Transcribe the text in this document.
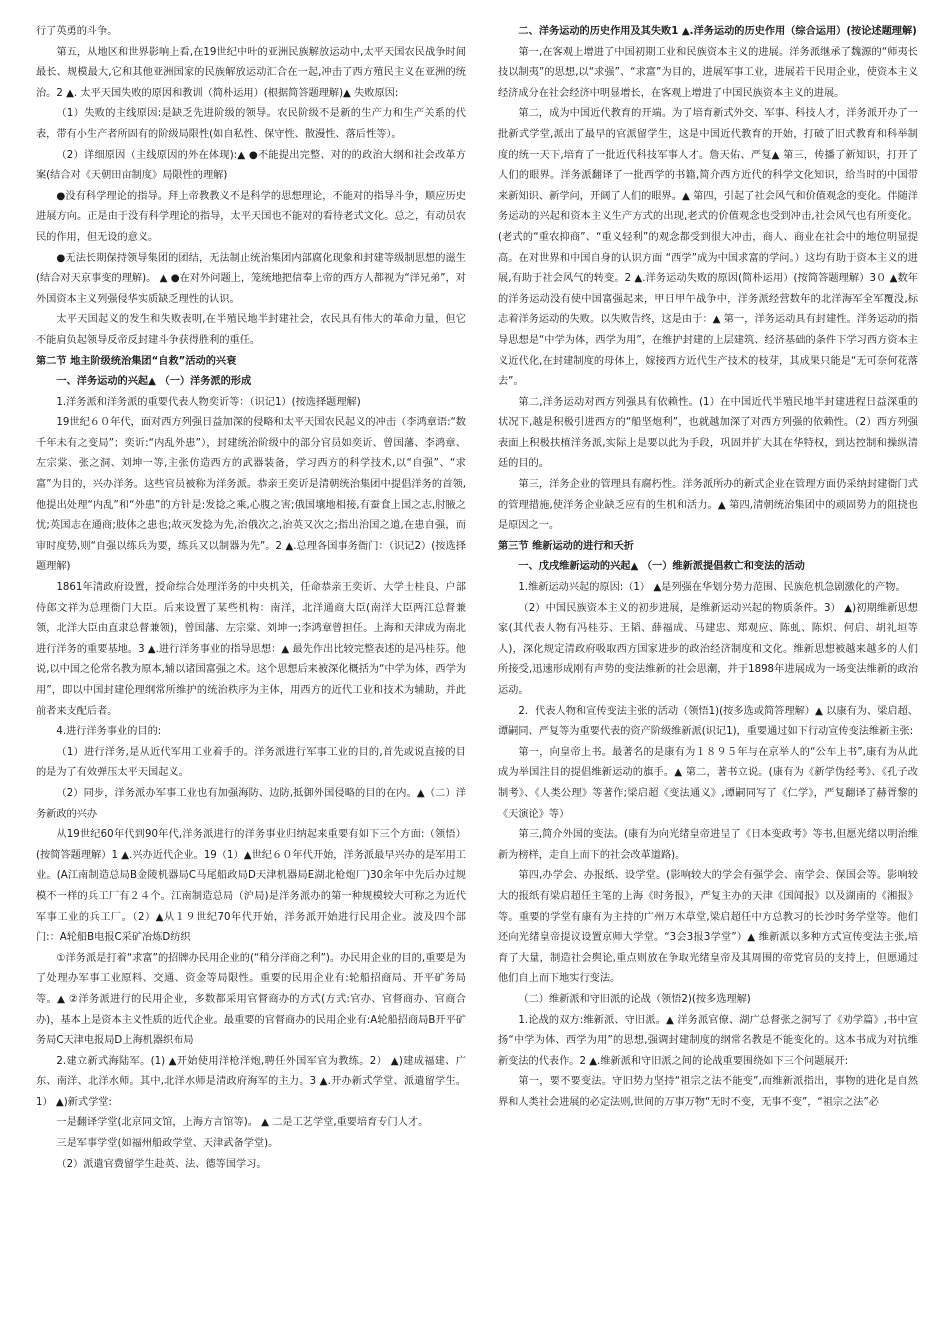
行了英勇的斗争。

第五，从地区和世界影响上看,在19世纪中叶的亚洲民族解放运动中,太平天国农民战争时间最长、规模最大,它和其他亚洲国家的民族解放运动汇合在一起,冲击了西方殖民主义在亚洲的统治。2 ▲. 太平天国失败的原因和教训（简朴运用）(根据简答题理解)▲ 失败原因:

（1）失败的主线原因:是缺乏先进阶级的领导。农民阶级不是新的生产力和生产关系的代表，带有小生产者所固有的阶级局限性(如自私性、保守性、散漫性、落后性等）。

（2）详细原因（主线原因的外在体现):▲ ●不能提出完整、对的的政治大纲和社会改革方案(结合对《天朝田亩制度》局限性的理解)

●没有科学理论的指导。拜上帝教教义不是科学的思想理论，不能对的指导斗争，顺应历史进展方向。正是由于没有科学理论的指导，太平天国也不能对的看待老式文化。总之，有动员农民的作用，但无设的意义。

●无法长期保持领导集团的团结，无法制止统治集团内部腐化现象和封建等级制思想的滋生(结合对天京事变的理解)。 ▲ ●在对外问题上，笼统地把信奉上帝的西方人都视为“洋兄弟”，对外国资本主义列强侵华实质缺乏理性的认识。

太平天国起义的发生和失败表明,在半殖民地半封建社会，农民具有伟大的革命力量，但它不能肩负起领导反帝反封建斗争获得胜利的重任。

第二节 地主阶级统治集团“自救”活动的兴衰

一、洋务运动的兴起▲ （一）洋务派的形成

1.洋务派和洋务派的重要代表人物奕䜣等：（识记1）(按选择题理解)

19世纪６０年代，面对西方列强日益加深的侵略和太平天国农民起义的冲击（李鸿章语:“数千年未有之变局”；奕䜣:“内乱外患”），封建统治阶级中的部分官员如奕䜣、曾国藩、李鸿章、左宗棠、张之洞、刘坤一等,主张仿造西方的武器装备，学习西方的科学技术,以“自强”、“求富”为目的，兴办洋务。这些官员被称为洋务派。恭亲王奕䜣是清朝统治集团中提倡洋务的首领,他提出处理“内乱”和“外患”的方针是:发捻之乘,心腹之害;俄国壤地相接,有蚕食上国之志,肘腋之忧;英国志在通商;肢体之患也;故灭发捻为先,治俄次之,治英又次之;指出治国之道,在患自强，而审时度势,则“自强以练兵为要，练兵又以制器为先”。2 ▲.总理各国事务衙门：（识记2）(按选择题理解)

1861年清政府设置，授命综合处理洋务的中央机关，任命恭亲王奕䜣、大学士桂良、户部侍郎文祥为总理衙门大臣。后来设置了某些机构：南洋，北洋通商大臣(南洋大臣两江总督兼领，北洋大臣由直隶总督兼领)，曾国藩、左宗棠、刘坤一;李鸿章曾担任。上海和天津成为南北进行洋务的重要基地。3 ▲.进行洋务事业的指导思想：▲ 最先作出比较完整表述的是冯桂芬。他说,以中国之伦常名教为原本,辅以诸国富强之术。这个思想后来被深化概括为“中学为体，西学为用”，即以中国封建伦理纲常所维护的统治秩序为主体，用西方的近代工业和技术为辅助，并此前者来支配后者。

4.进行洋务事业的目的:

（1）进行洋务,是从近代军用工业着手的。洋务派进行军事工业的目的,首先或说直接的目的是为了有效弹压太平天国起义。

（2）同步，洋务派办军事工业也有加强海防、边防,抵御外国侵略的目的在内。▲（二）洋务新政的兴办

从19世纪60年代到90年代,洋务派进行的洋务事业归纳起来重要有如下三个方面:（领悟）(按简答题理解）1 ▲.兴办近代企业。19（1）▲世纪６０年代开始，洋务派最早兴办的是军用工业。(A江南制造总局B金陵机器局C马尾船政局D天津机器局E湖北枪炮厂)30余年中先后办过规模不一样的兵工厂有２４个。江南制造总局（沪局)是洋务派办的第一种规模较大可称之为近代军事工业的兵工厂。（2）▲从１９世纪70年代开始，洋务派开始进行民用企业。波及四个部门:：A轮船B电报C采矿冶炼D纺织

①洋务派是打着“求富”的招牌办民用企业的(“稍分洋商之利”)。办民用企业的目的,重要是为了处理办军事工业原料、交通、资金等局限性。重要的民用企业有:轮船招商局、开平矿务局等。▲ ②洋务派进行的民用企业，多数都采用官督商办的方式(方式:官办、官督商办、官商合办)，基本上是资本主义性质的近代企业。最重要的官督商办的民用企业有:A轮船招商局B开平矿务局C天津电报局D上海机器织布局

2.建立新式海陆军。(1) ▲开始使用洋枪洋炮,聘任外国军官为教练。2） ▲)建成福建、广东、南洋、北洋水师。其中,北洋水师是清政府海军的主力。3 ▲.开办新式学堂、派遣留学生。1） ▲)新式学堂:

一是翻译学堂(北京同文馆，上海方言馆等)。 ▲ 二是工艺学堂,重要培育专门人才。

三是军事学堂(如福州船政学堂、天津武备学堂)。

（2）派遣官费留学生赴英、法、德等国学习。

二、洋务运动的历史作用及其失败1 ▲.洋务运动的历史作用（综合运用）(按论述题理解)

第一,在客观上增进了中国初期工业和民族资本主义的进展。洋务派继承了魏源的“师夷长技以制夷”的思想,以“求强”、“求富”为目的，进展军事工业，进展若干民用企业，使资本主义经济成分在社会经济中明显增长，在客观上增进了中国民族资本主义的进展。

第二，成为中国近代教育的开端。为了培育新式外交、军事、科技人才，洋务派开办了一批新式学堂,派出了最早的官派留学生，这是中国近代教育的开始，打破了旧式教育和科举制度的统一天下,培育了一批近代科技军事人才。詹天佑、严复▲ 第三，传播了新知识，打开了人们的眼界。洋务派翻译了一批西学的书籍,简介西方近代的科学文化知识，给当时的中国带来新知识、新学问，开阔了人们的眼界。▲ 第四，引起了社会风气和价值观念的变化。伴随洋务运动的兴起和资本主义生产方式的出现,老式的价值观念也受到冲击,社会风气也有所变化。(老式的“重农抑商”、“重义轻利”的观念都受到很大冲击，商人、商业在社会中的地位明显提高。在对世界和中国自身的认识方面 “西学”成为中国求富的学问。）这均有助于资本主义的进展,有助于社会风气的转变。2 ▲.洋务运动失败的原因(简朴运用）(按简答题理解）3０ ▲数年的洋务运动没有使中国富强起来，甲日甲午战争中，洋务派经营数年的北洋海军全军覆没,标志着洋务运动的失败。以失败告终，这是由于：▲ 第一，洋务运动具有封建性。洋务运动的指导思想是“中学为体，西学为用”，在维护封建的上层建筑、经济基础的条件下学习西方资本主义近代化,在封建制度的母体上，嫁接西方近代生产技术的枝芽，其成果只能是“无可奈何花落去”。

第二,洋务运动对西方列强具有依赖性。(1）在中国近代半殖民地半封建进程日益深重的状况下,越是积极引进西方的“船坚炮利”，也就越加深了对西方列强的依赖性。（2）西方列强表面上积极扶植洋务派,实际上是要以此为手段，巩固并扩大其在华特权，到达控制和操纵清廷的目的。

第三，洋务企业的管理具有腐朽性。洋务派所办的新式企业在管理方面仍采纳封建衙门式的管理措施,使洋务企业缺乏应有的生机和活力。▲ 第四,清朝统治集团中的顽固势力的阻挠也是原因之一。

第三节 维新运动的进行和夭折

一、戊戌维新运动的兴起▲ （一）维新派提倡救亡和变法的活动

1.维新运动兴起的原因:（1） ▲是列强在华划分势力范围、民族危机急剧激化的产物。

（2）中国民族资本主义的初步进展，是维新运动兴起的物质条件。3） ▲)初期维新思想家(其代表人物有冯桂芬、王韬、薛福成、马建忠、郑观应、陈虬、陈炽、何启、胡礼垣等人)，深化规定清政府吸取西方国家进步的政治经济制度和文化。维新思想被越来越多的人们所接受,迅速形成刚有声势的变法维新的社会思潮，并于1898年进展成为一场变法维新的政治运动。

2．代表人物和宣传变法主张的活动（领悟1)(按多选或简答理解）▲ 以康有为、梁启超、谭嗣同、严复等为重要代表的资产阶级维新派(识记1)，重要通过如下行动宣传变法维新主张:

第一，向皇帝上书。最著名的是康有为１８９５年与在京举人的“公车上书”,康有为从此成为举国注目的提倡维新运动的旗手。▲ 第二，著书立说。(康有为《新学伪经考》、《孔子改制考》、《人类公理》等著作;梁启超《变法通义》,谭嗣同写了《仁学》，严复翻译了赫胥黎的《天演论》等）

第三,简介外国的变法。(康有为向光绪皇帝进呈了《日本变政考》等书,但愿光绪以明治维新为榜样，走自上而下的社会改革道路)。

第四,办学会、办报纸、设学堂。(影响较大的学会有强学会、南学会、保国会等。影响较大的报纸有梁启超任主笔的上海《时务报》，严复主办的天津《国闻报》以及湖南的《湘报》等。重要的学堂有康有为主持的广州万木草堂,梁启超任中方总教习的长沙时务学堂等。他们还向光绪皇帝提议设置京师大学堂。“3会3报3学堂”）▲ 维新派以多种方式宣传变法主张,培育了大量，制造社会舆论,重点则放在争取光绪皇帝及其周围的帝党官员的支持上，但愿通过他们自上而下地实行变法。

（二）维新派和守旧派的论战（领悟2)(按多选理解)

1.论战的双方:维新派、守旧派。▲ 洋务派官僚、湖广总督张之洞写了《劝学篇》,书中宣扬“中学为体、西学为用”的思想,强调封建制度的纲常名教是不能变化的。这本书成为对抗维新变法的代表作。2 ▲.维新派和守旧派之间的论战重要围绕如下三个问题展开:

第一，要不要变法。守旧势力坚持“祖宗之法不能变”,而维新派指出，事物的进化是自然界和人类社会进展的必定法则,世间的万事万物“无时不变，无事不变”，“祖宗之法”必
